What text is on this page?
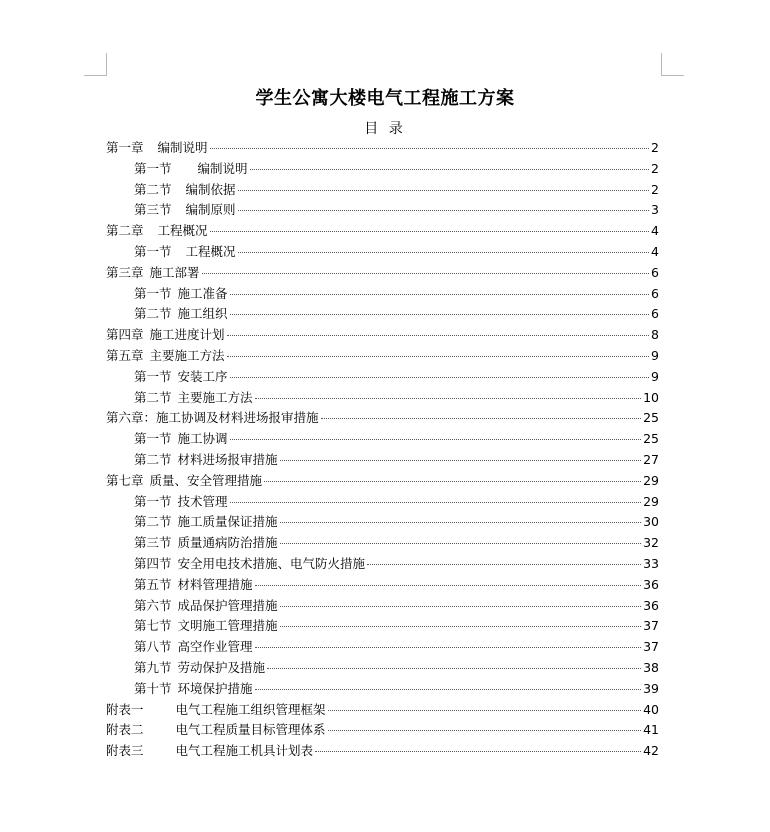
学生公寓大楼电气工程施工方案
目 录
第一章 编制说明	2
第一节 编制说明	2
第二节 编制依据	2
第三节 编制原则	3
第二章 工程概况	4
第一节 工程概况	4
第三章 施工部署	6
第一节 施工准备	6
第二节 施工组织	6
第四章 施工进度计划	8
第五章 主要施工方法	9
第一节 安装工序	9
第二节 主要施工方法	10
第六章：施工协调及材料进场报审措施	25
第一节 施工协调	25
第二节 材料进场报审措施	27
第七章 质量、安全管理措施	29
第一节 技术管理	29
第二节 施工质量保证措施	30
第三节 质量通病防治措施	32
第四节 安全用电技术措施、电气防火措施	33
第五节 材料管理措施	36
第六节 成品保护管理措施	36
第七节 文明施工管理措施	37
第八节 高空作业管理	37
第九节 劳动保护及措施	38
第十节 环境保护措施	39
附表一	电气工程施工组织管理框架	40
附表二	电气工程质量目标管理体系	41
附表三	电气工程施工机具计划表	42
